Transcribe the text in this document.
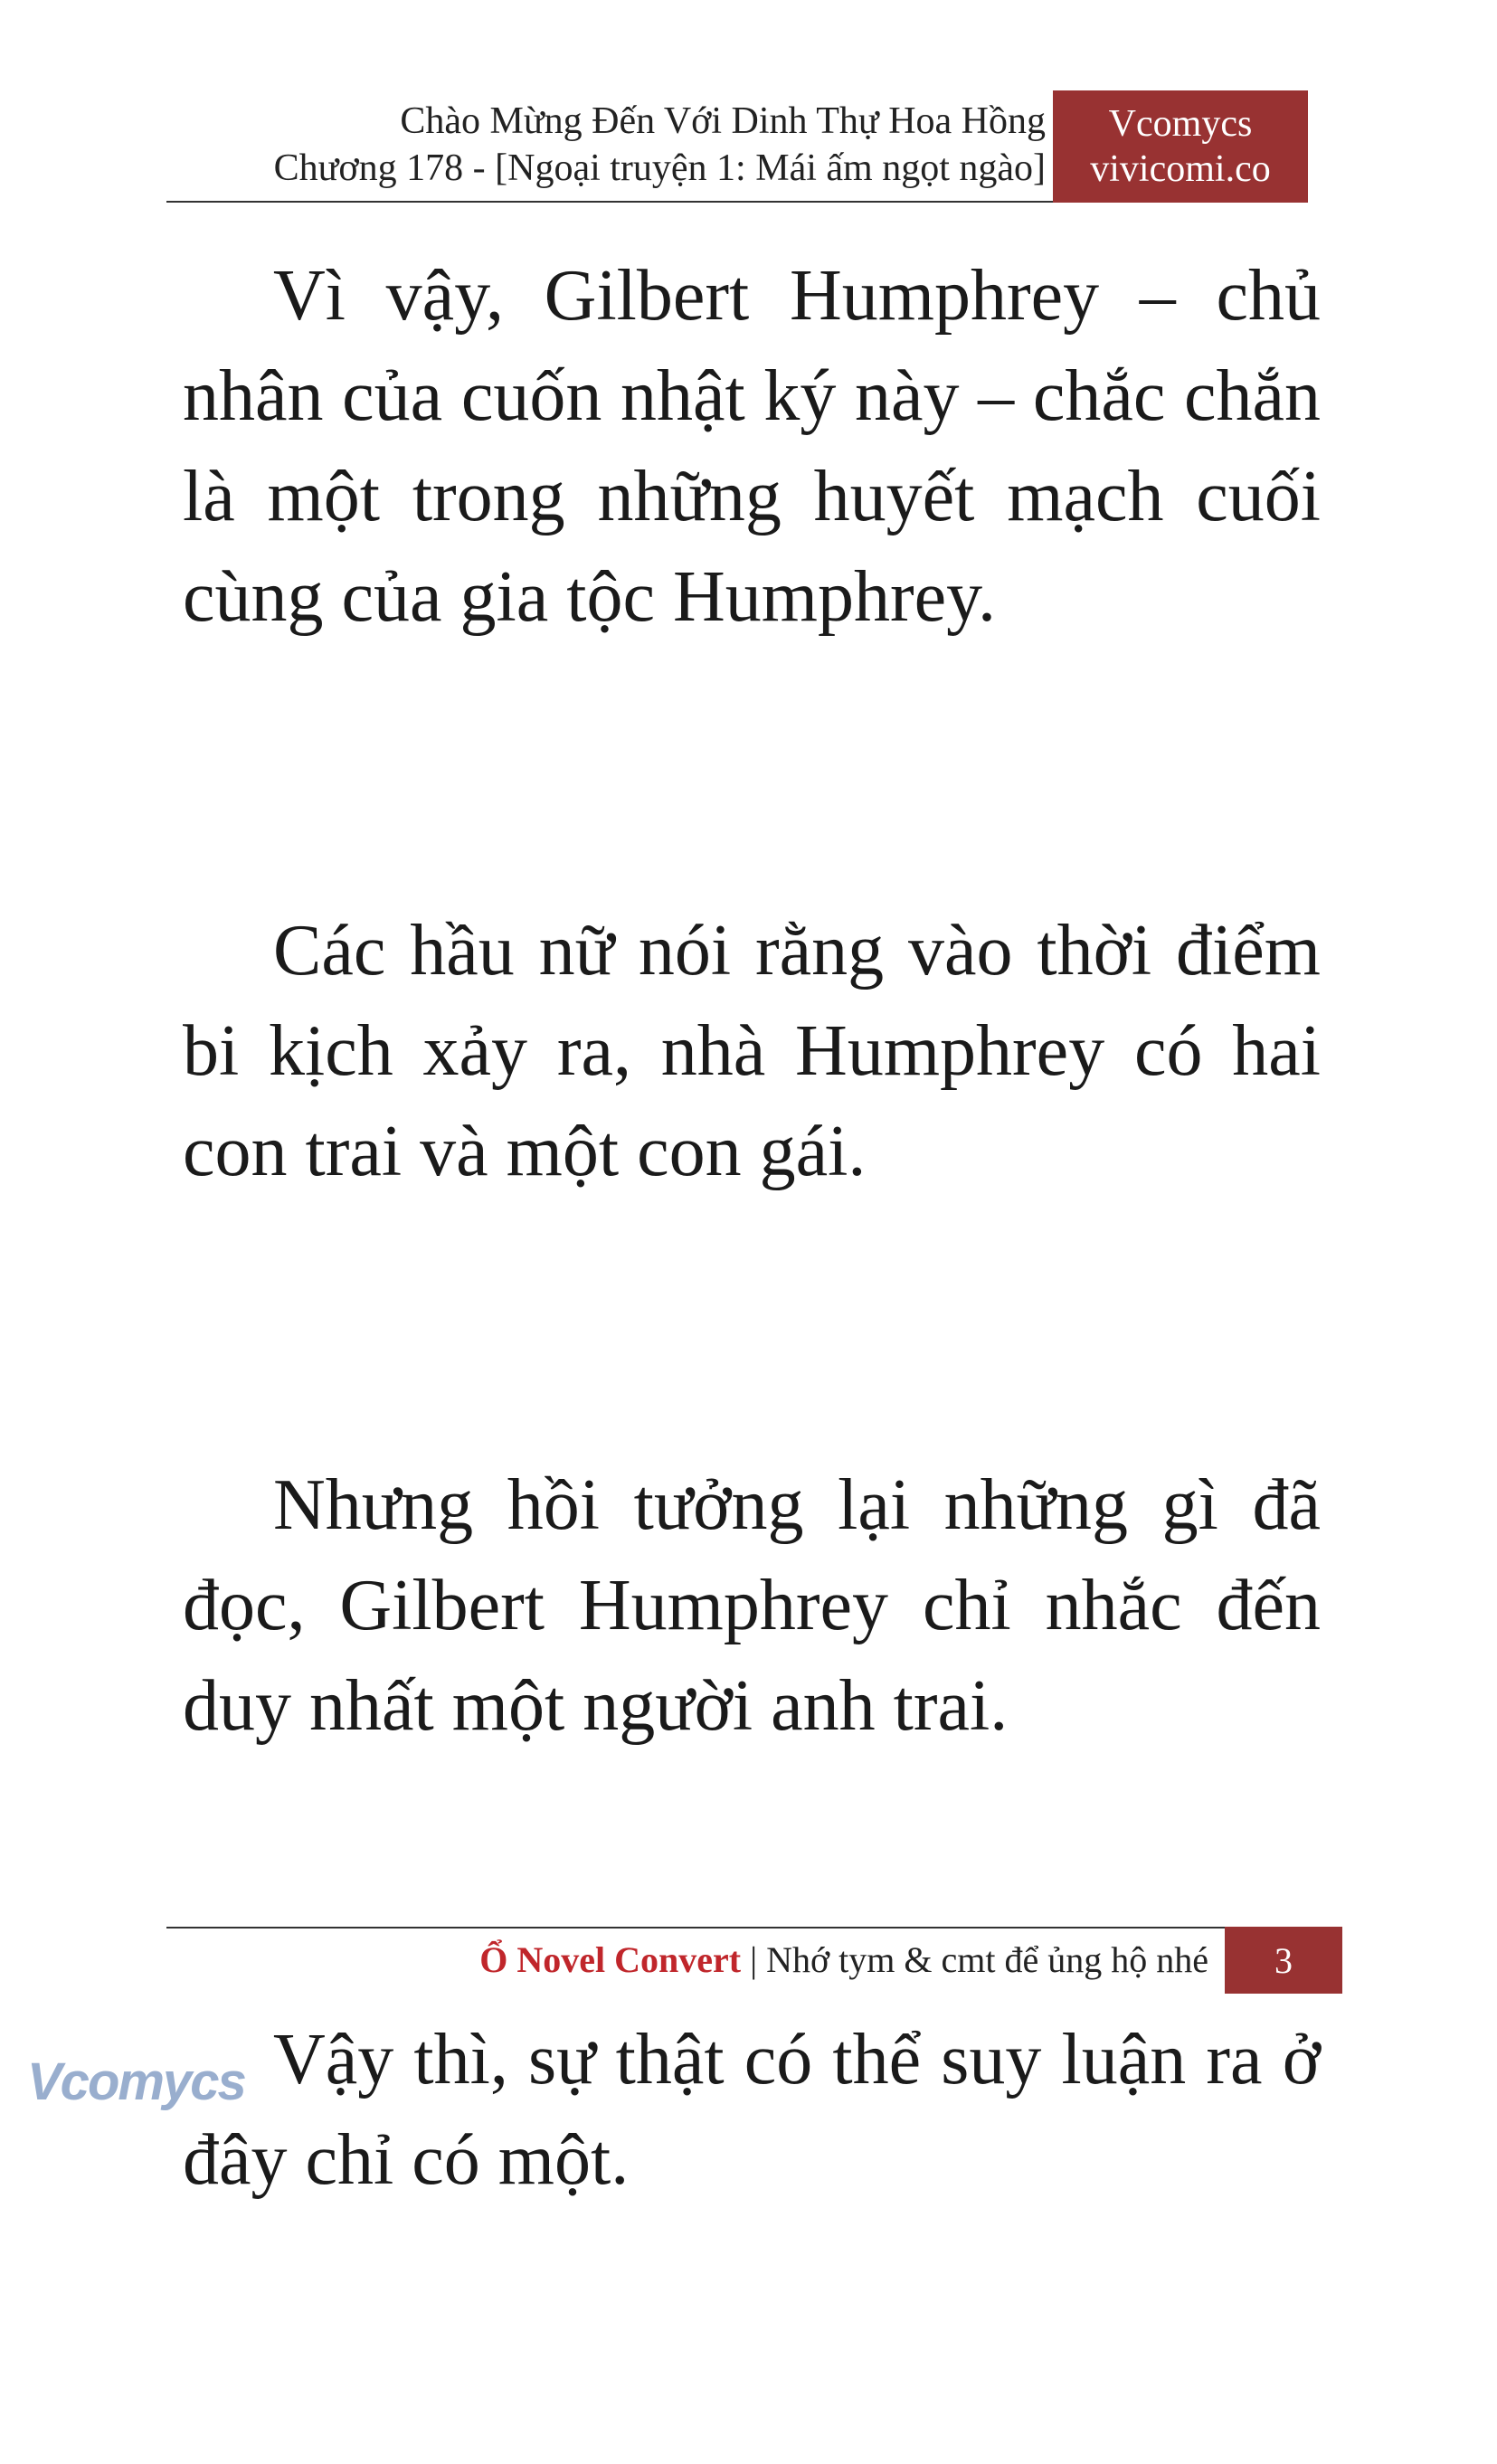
Chào Mừng Đến Với Dinh Thự Hoa Hồng
Chương 178 - [Ngoại truyện 1: Mái ấm ngọt ngào]
Vcomycs
vivicomi.co

Vì vậy, Gilbert Humphrey – chủ nhân của cuốn nhật ký này – chắc chắn là một trong những huyết mạch cuối cùng của gia tộc Humphrey.

Các hầu nữ nói rằng vào thời điểm bi kịch xảy ra, nhà Humphrey có hai con trai và một con gái.

Nhưng hồi tưởng lại những gì đã đọc, Gilbert Humphrey chỉ nhắc đến duy nhất một người anh trai.

Vậy thì, sự thật có thể suy luận ra ở đây chỉ có một.

Ổ Novel Convert | Nhớ tym & cmt để ủng hộ nhé	3
Vcomycs
